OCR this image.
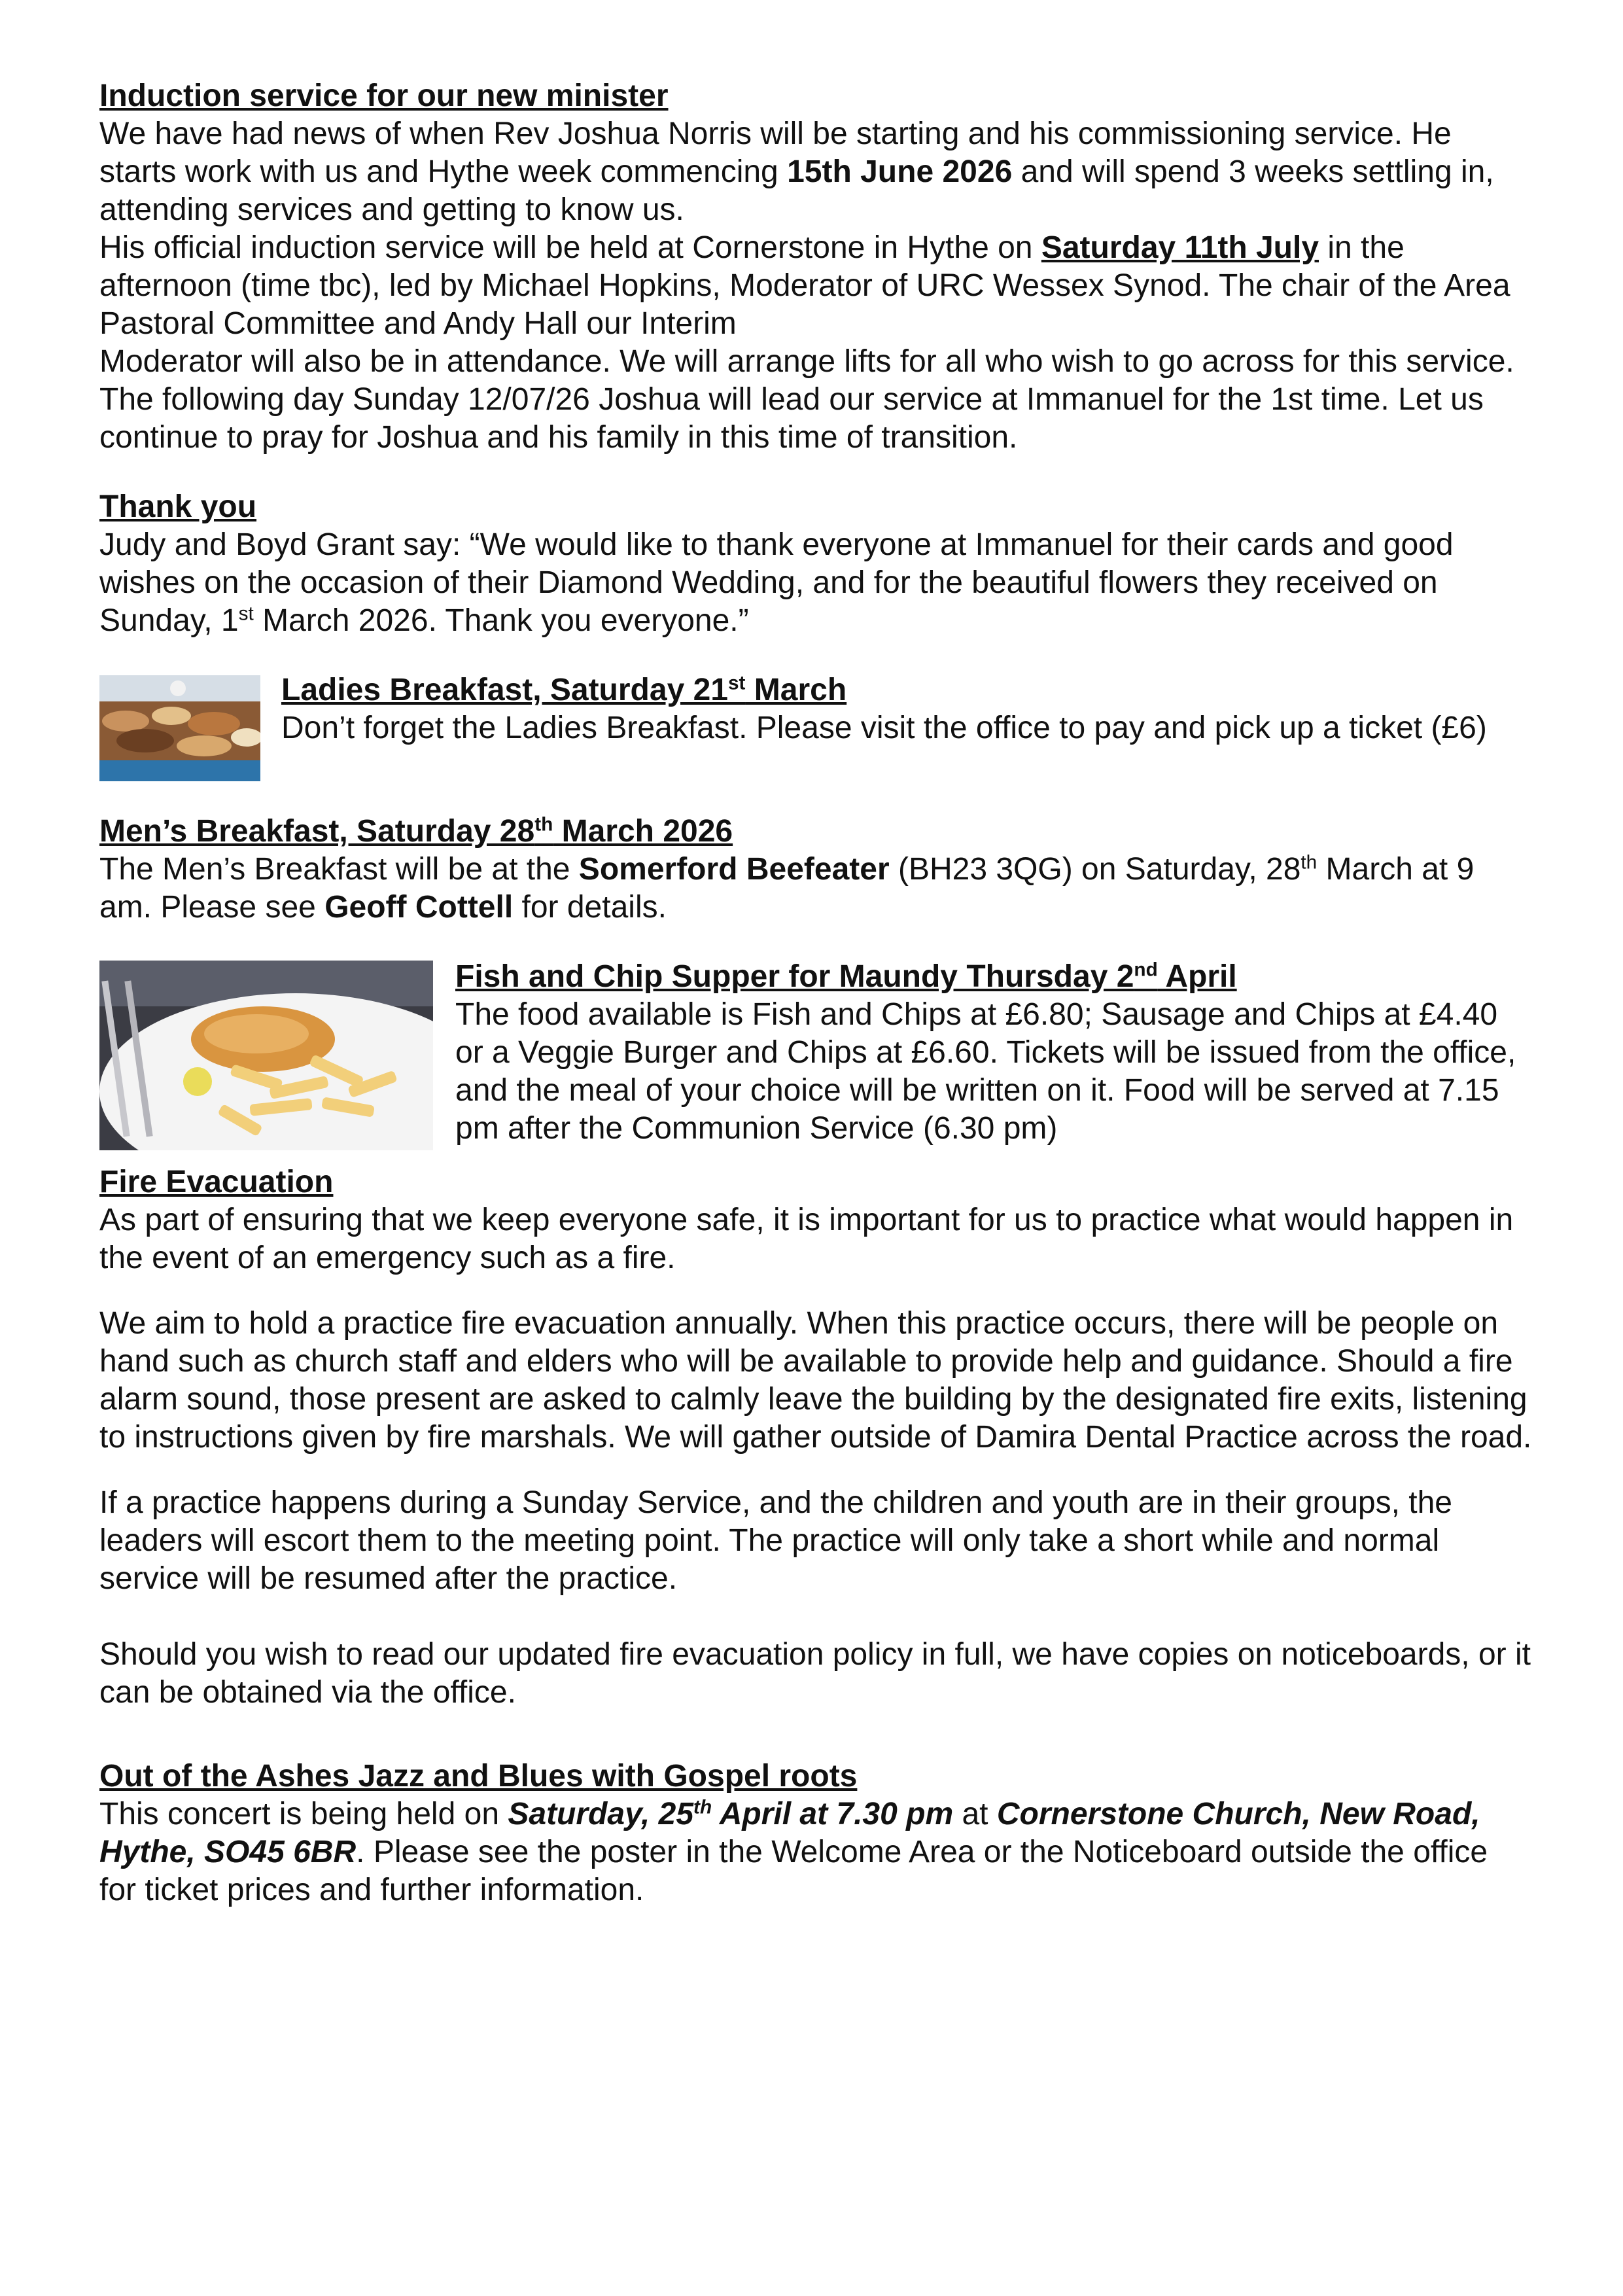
Induction service for our new minister

We have had news of when Rev Joshua Norris will be starting and his commissioning service. He starts work with us and Hythe week commencing 15th June 2026 and will spend 3 weeks settling in, attending services and getting to know us.

His official induction service will be held at Cornerstone in Hythe on Saturday 11th July in the afternoon (time tbc), led by Michael Hopkins, Moderator of URC Wessex Synod. The chair of the Area Pastoral Committee and Andy Hall our Interim

Moderator will also be in attendance. We will arrange lifts for all who wish to go across for this service. The following day Sunday 12/07/26 Joshua will lead our service at Immanuel for the 1st time. Let us continue to pray for Joshua and his family in this time of transition.

Thank you

Judy and Boyd Grant say: “We would like to thank everyone at Immanuel for their cards and good wishes on the occasion of their Diamond Wedding, and for the beautiful flowers they received on Sunday, 1st March 2026. Thank you everyone.”

Ladies Breakfast, Saturday 21st March

Don’t forget the Ladies Breakfast. Please visit the office to pay and pick up a ticket (£6)

Men’s Breakfast, Saturday 28th March 2026

The Men’s Breakfast will be at the Somerford Beefeater (BH23 3QG) on Saturday, 28th March at 9 am. Please see Geoff Cottell for details.

Fish and Chip Supper for Maundy Thursday 2nd April

The food available is Fish and Chips at £6.80; Sausage and Chips at £4.40 or a Veggie Burger and Chips at £6.60. Tickets will be issued from the office, and the meal of your choice will be written on it. Food will be served at 7.15 pm after the Communion Service (6.30 pm)

Fire Evacuation

As part of ensuring that we keep everyone safe, it is important for us to practice what would happen in the event of an emergency such as a fire.

We aim to hold a practice fire evacuation annually. When this practice occurs, there will be people on hand such as church staff and elders who will be available to provide help and guidance. Should a fire alarm sound, those present are asked to calmly leave the building by the designated fire exits, listening to instructions given by fire marshals. We will gather outside of Damira Dental Practice across the road.

If a practice happens during a Sunday Service, and the children and youth are in their groups, the leaders will escort them to the meeting point. The practice will only take a short while and normal service will be resumed after the practice.

Should you wish to read our updated fire evacuation policy in full, we have copies on noticeboards, or it can be obtained via the office.

Out of the Ashes Jazz and Blues with Gospel roots

This concert is being held on Saturday, 25th April at 7.30 pm at Cornerstone Church, New Road, Hythe, SO45 6BR. Please see the poster in the Welcome Area or the Noticeboard outside the office for ticket prices and further information.
